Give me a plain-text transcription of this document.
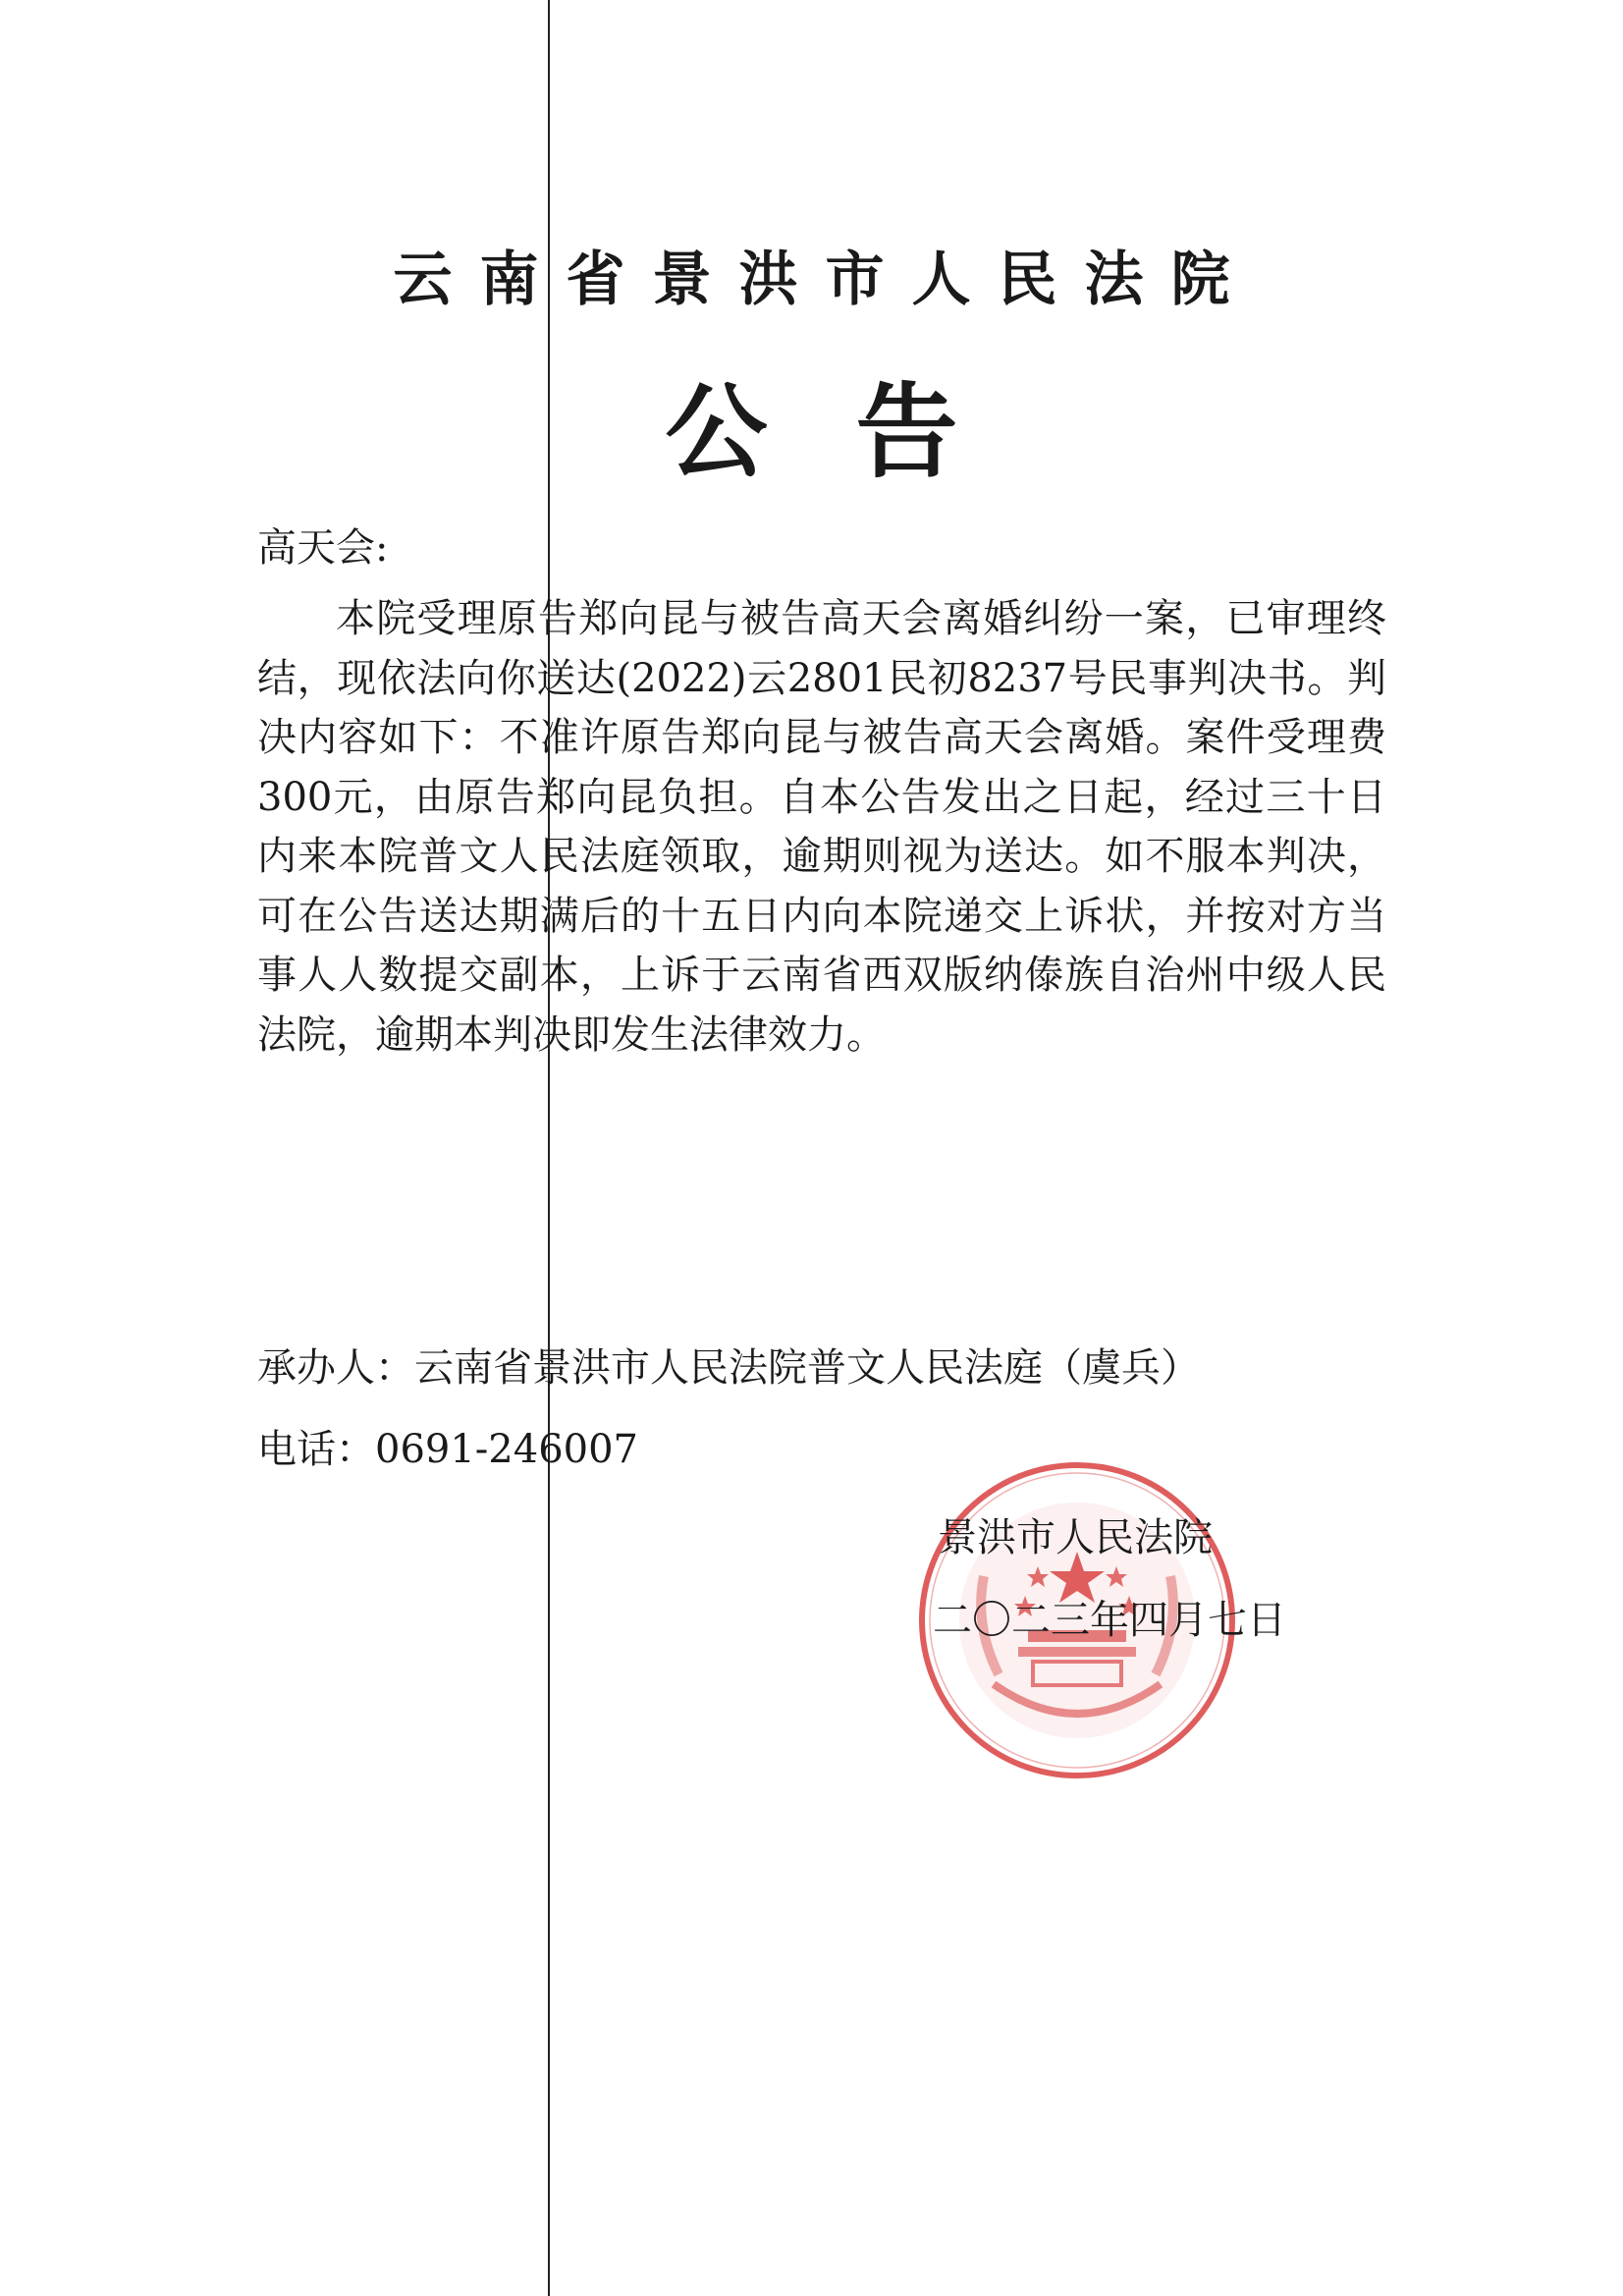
云南省景洪市人民法院
公告
高天会:

本院受理原告郑向昆与被告高天会离婚纠纷一案，已审理终结，现依法向你送达(2022)云2801民初8237号民事判决书。判决内容如下：不准许原告郑向昆与被告高天会离婚。案件受理费300元，由原告郑向昆负担。自本公告发出之日起，经过三十日内来本院普文人民法庭领取，逾期则视为送达。如不服本判决，可在公告送达期满后的十五日内向本院递交上诉状，并按对方当事人人数提交副本，上诉于云南省西双版纳傣族自治州中级人民法院，逾期本判决即发生法律效力。

承办人：云南省景洪市人民法院普文人民法庭（虞兵）
电话：0691-246007
景洪市人民法院
二〇二三年四月七日
